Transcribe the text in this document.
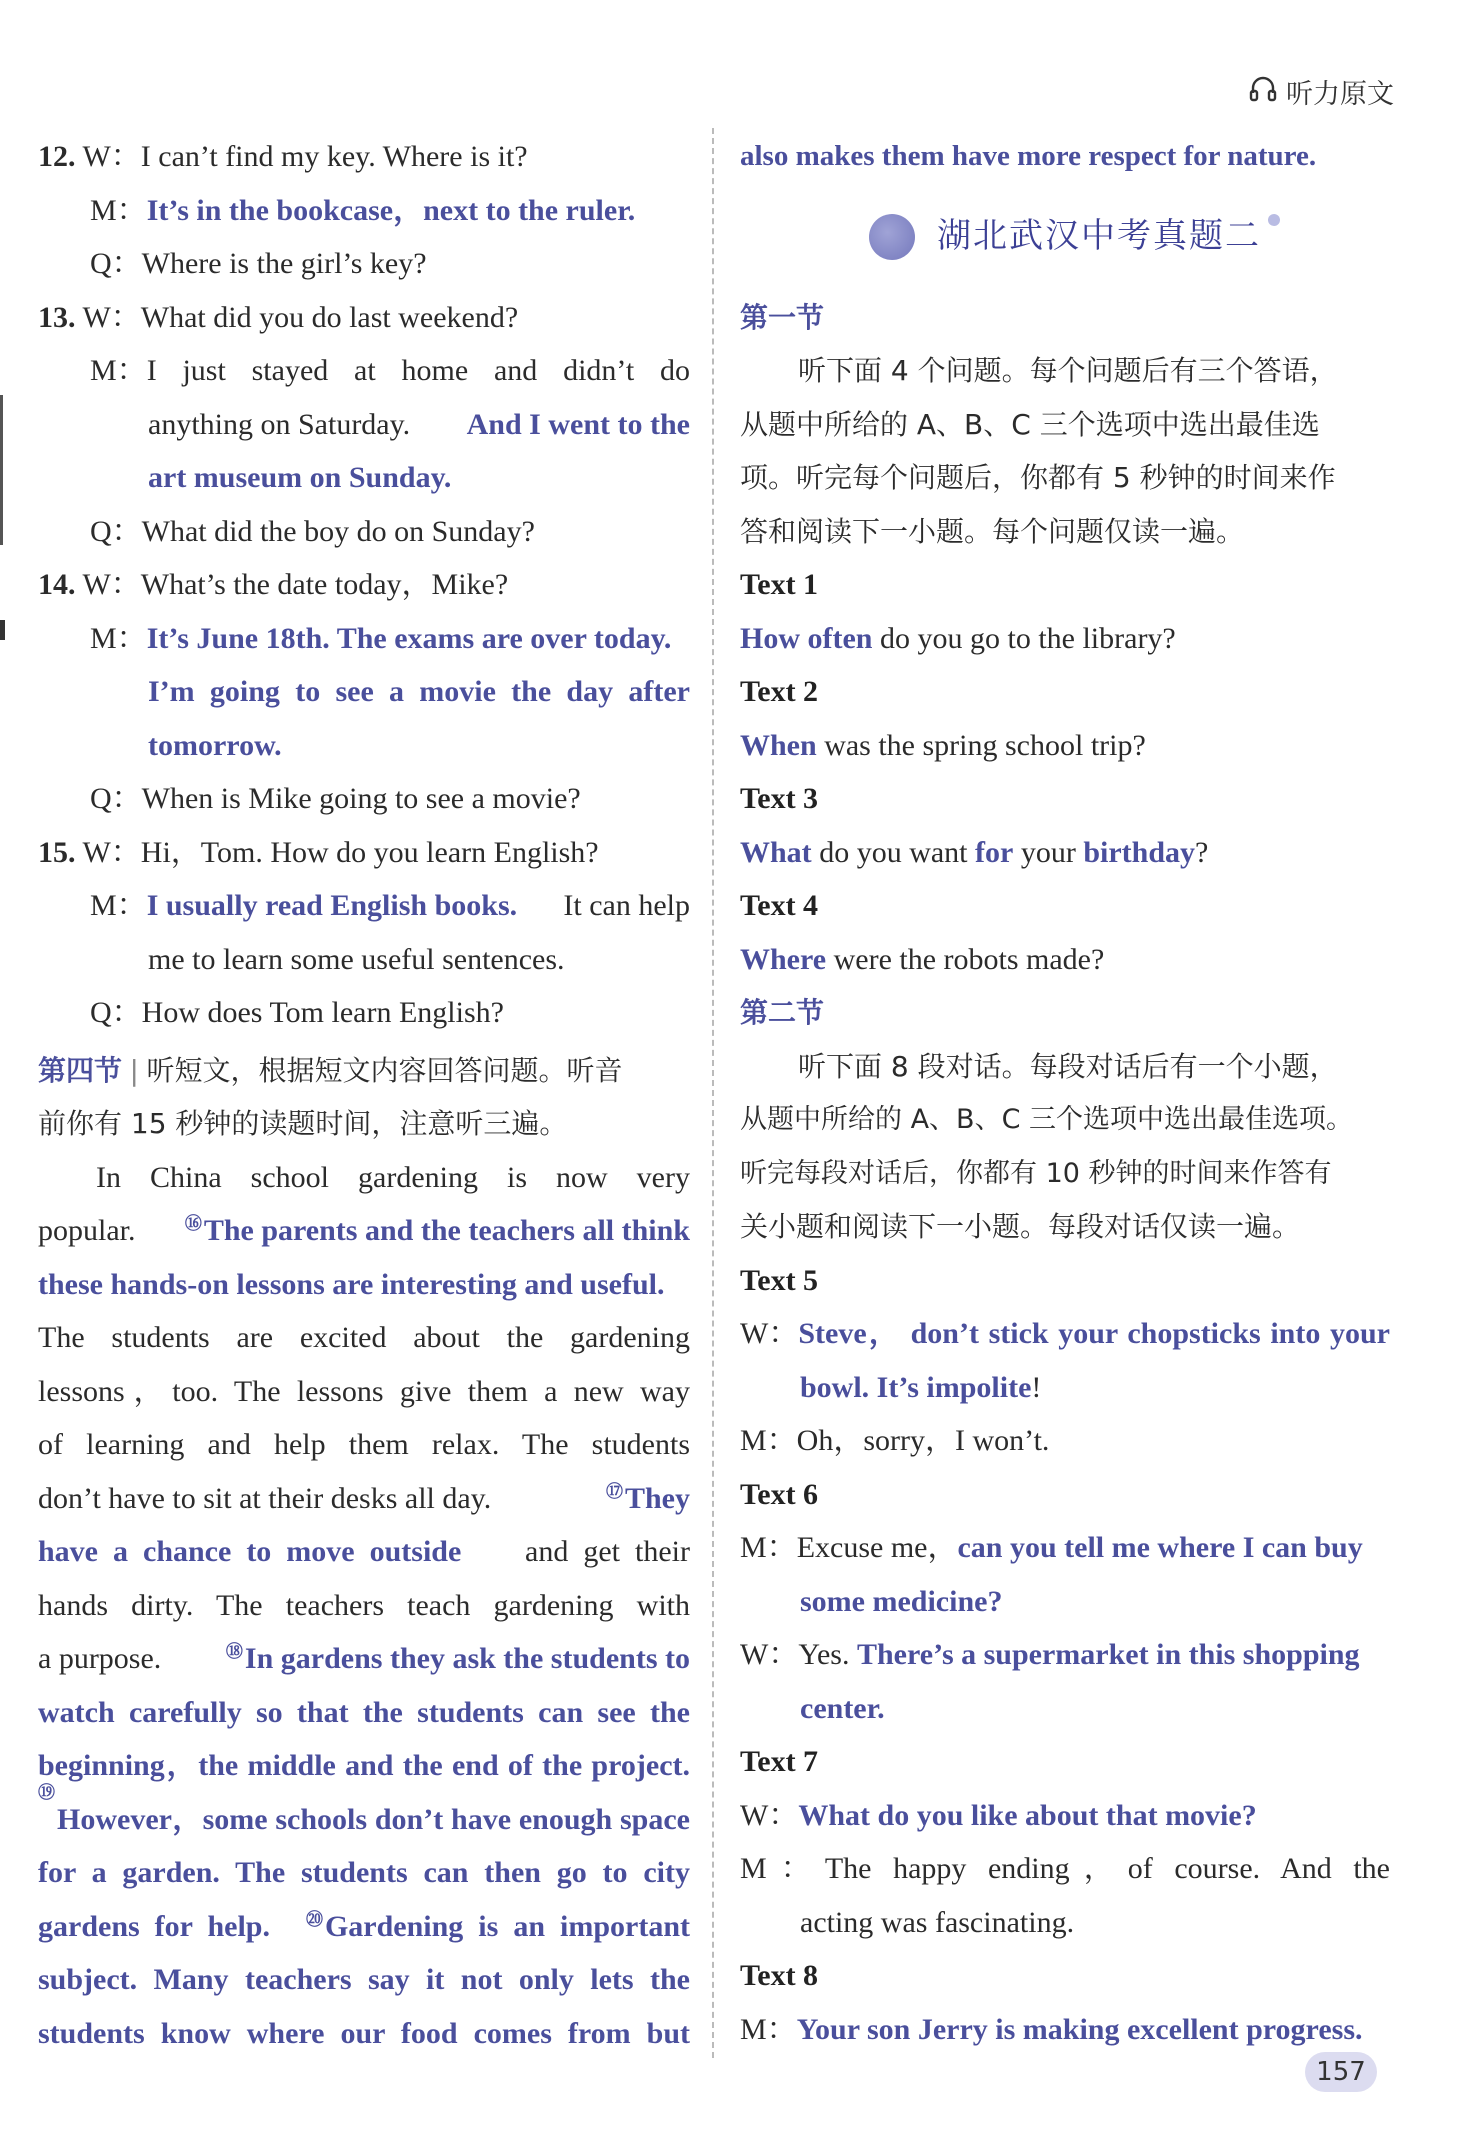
听力原文
12. W：I can’t find my key. Where is it?
M：It’s in the bookcase，next to the ruler.
Q：Where is the girl’s key?
13. W：What did you do last weekend?
M： I just stayed at home and didn’t do
anything on Saturday. And I went to the
art museum on Sunday.
Q：What did the boy do on Sunday?
14. W：What’s the date today，Mike?
M：It’s June 18th. The exams are over today.
I’m going to see a movie the day after
tomorrow.
Q：When is Mike going to see a movie?
15. W：Hi，Tom. How do you learn English?
M：I usually read English books. It can help
me to learn some useful sentences.
Q：How does Tom learn English?
第四节 | 听短文，根据短文内容回答问题。听音
前你有 15 秒钟的读题时间，注意听三遍。
In China school gardening is now very
popular.	⑯The parents and the teachers all think
these hands-on lessons are interesting and useful.
The students are excited about the gardening
lessons，too. The lessons give them a new way
of learning and help them relax. The students
don’t have to sit at their desks all day.	⑰They
have  a  chance  to  move  outside and  get  their
hands dirty. The teachers teach gardening with
a purpose.	⑱In gardens they ask the students to
watch carefully so that the students can see the
beginning，the middle and the end of the project.
⑲
However，some schools don’t have enough space
for a garden. The students can then go to city
gardens  for  help. ⑳Gardening  is  an  important
subject. Many teachers say it not only lets the
students know where our food comes from but
also makes them have more respect for nature.
湖北武汉中考真题二
第一节
听下面 4 个问题。每个问题后有三个答语，
从题中所给的 A、B、C 三个选项中选出最佳选
项。听完每个问题后，你都有 5 秒钟的时间来作
答和阅读下一小题。每个问题仅读一遍。
Text 1
How often do you go to the library?
Text 2
When was the spring school trip?
Text 3
What do you want for your birthday?
Text 4
Where were the robots made?
第二节
听下面 8 段对话。每段对话后有一个小题，
从题中所给的 A、B、C 三个选项中选出最佳选项。
听完每段对话后，你都有 10 秒钟的时间来作答有
关小题和阅读下一小题。每段对话仅读一遍。
Text 5
W： Steve， don’t stick your chopsticks into your
bowl. It’s impolite!
M：Oh，sorry，I won’t.
Text 6
M：Excuse me，can you tell me where I can buy
some medicine?
W：Yes. There’s a supermarket in this shopping
center.
Text 7
W：What do you like about that movie?
M：The happy ending，of course. And the
acting was fascinating.
Text 8
M：Your son Jerry is making excellent progress.
157
